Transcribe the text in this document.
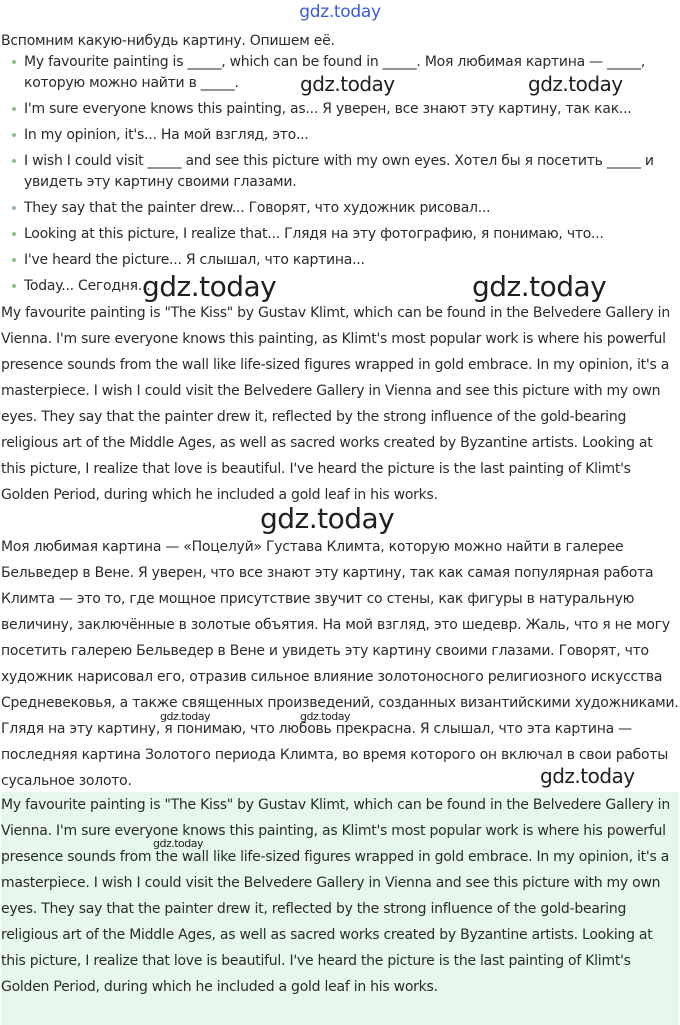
gdz.today
Вспомним какую-нибудь картину. Опишем её.
My favourite painting is _____, which can be found in _____. Моя любимая картина — _____, которую можно найти в _____.
I'm sure everyone knows this painting, as... Я уверен, все знают эту картину, так как...
In my opinion, it's... На мой взгляд, это...
I wish I could visit _____ and see this picture with my own eyes. Хотел бы я посетить _____ и увидеть эту картину своими глазами.
They say that the painter drew... Говорят, что художник рисовал...
Looking at this picture, I realize that... Глядя на эту фотографию, я понимаю, что...
I've heard the picture... Я слышал, что картина...
Today... Сегодня...
My favourite painting is "The Kiss" by Gustav Klimt, which can be found in the Belvedere Gallery in Vienna. I'm sure everyone knows this painting, as Klimt's most popular work is where his powerful presence sounds from the wall like life-sized figures wrapped in gold embrace. In my opinion, it's a masterpiece. I wish I could visit the Belvedere Gallery in Vienna and see this picture with my own eyes. They say that the painter drew it, reflected by the strong influence of the gold-bearing religious art of the Middle Ages, as well as sacred works created by Byzantine artists. Looking at this picture, I realize that love is beautiful. I've heard the picture is the last painting of Klimt's Golden Period, during which he included a gold leaf in his works.
Моя любимая картина — «Поцелуй» Густава Климта, которую можно найти в галерее Бельведер в Вене. Я уверен, что все знают эту картину, так как самая популярная работа Климта — это то, где мощное присутствие звучит со стены, как фигуры в натуральную величину, заключённые в золотые объятия. На мой взгляд, это шедевр. Жаль, что я не могу посетить галерею Бельведер в Вене и увидеть эту картину своими глазами. Говорят, что художник нарисовал его, отразив сильное влияние золотоносного религиозного искусства Средневековья, а также священных произведений, созданных византийскими художниками. Глядя на эту картину, я понимаю, что любовь прекрасна. Я слышал, что эта картина — последняя картина Золотого периода Климта, во время которого он включал в свои работы сусальное золото.
My favourite painting is "The Kiss" by Gustav Klimt, which can be found in the Belvedere Gallery in Vienna. I'm sure everyone knows this painting, as Klimt's most popular work is where his powerful presence sounds from the wall like life-sized figures wrapped in gold embrace. In my opinion, it's a masterpiece. I wish I could visit the Belvedere Gallery in Vienna and see this picture with my own eyes. They say that the painter drew it, reflected by the strong influence of the gold-bearing religious art of the Middle Ages, as well as sacred works created by Byzantine artists. Looking at this picture, I realize that love is beautiful. I've heard the picture is the last painting of Klimt's Golden Period, during which he included a gold leaf in his works.
gdz.today	gdz.today
gdz.today	gdz.today
gdz.today
gdz.today	gdz.today
gdz.today
gdz.today
